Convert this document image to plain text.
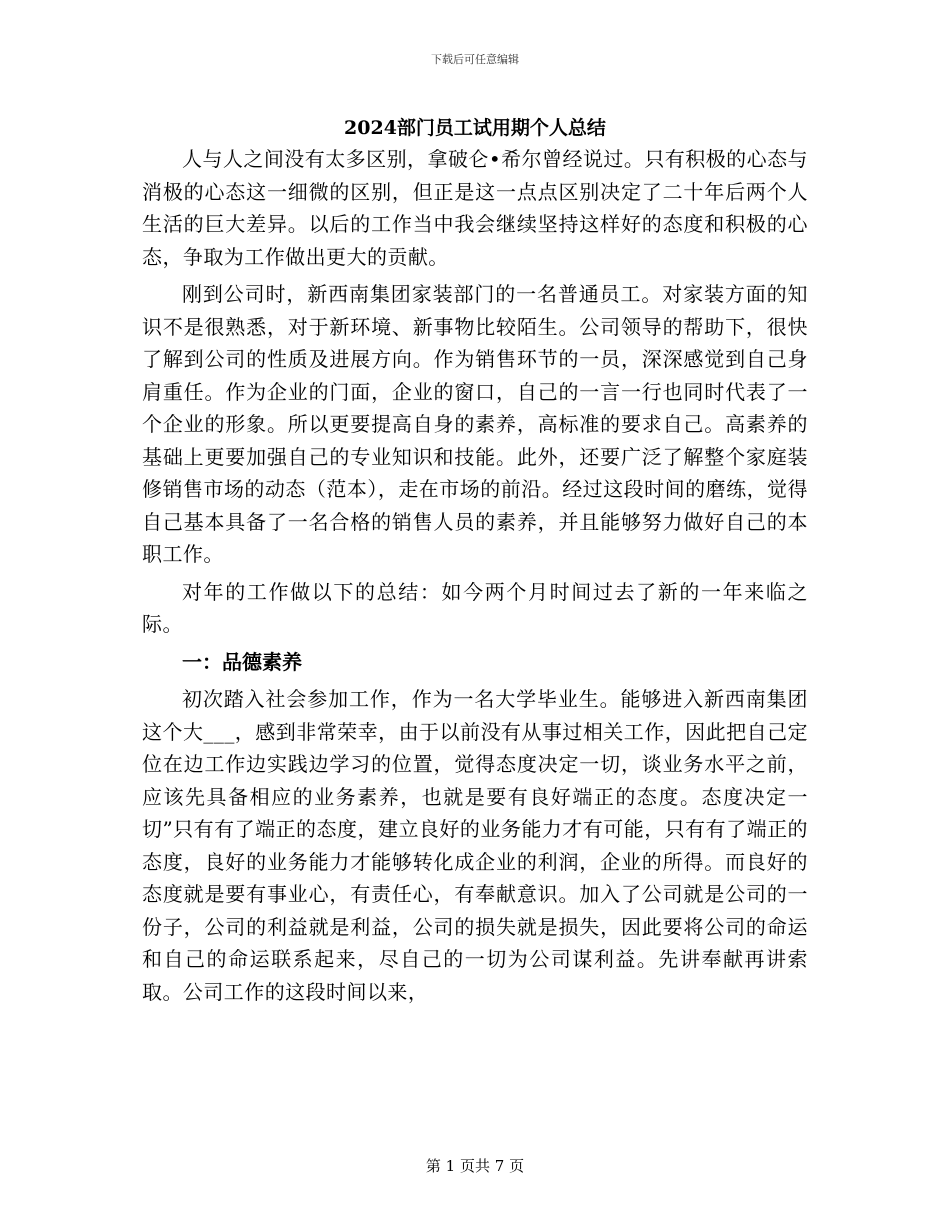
下载后可任意编辑
2024部门员工试用期个人总结

人与人之间没有太多区别，拿破仑•希尔曾经说过。只有积极的心态与消极的心态这一细微的区别，但正是这一点点区别决定了二十年后两个人生活的巨大差异。以后的工作当中我会继续坚持这样好的态度和积极的心态，争取为工作做出更大的贡献。

刚到公司时，新西南集团家装部门的一名普通员工。对家装方面的知识不是很熟悉，对于新环境、新事物比较陌生。公司领导的帮助下，很快了解到公司的性质及进展方向。作为销售环节的一员，深深感觉到自己身肩重任。作为企业的门面，企业的窗口，自己的一言一行也同时代表了一个企业的形象。所以更要提高自身的素养，高标准的要求自己。高素养的基础上更要加强自己的专业知识和技能。此外，还要广泛了解整个家庭装修销售市场的动态（范本），走在市场的前沿。经过这段时间的磨练，觉得自己基本具备了一名合格的销售人员的素养，并且能够努力做好自己的本职工作。

对年的工作做以下的总结：如今两个月时间过去了新的一年来临之际。

一：品德素养

初次踏入社会参加工作，作为一名大学毕业生。能够进入新西南集团这个大___，感到非常荣幸，由于以前没有从事过相关工作，因此把自己定位在边工作边实践边学习的位置，觉得态度决定一切，谈业务水平之前，应该先具备相应的业务素养，也就是要有良好端正的态度。态度决定一切”只有有了端正的态度，建立良好的业务能力才有可能，只有有了端正的态度，良好的业务能力才能够转化成企业的利润，企业的所得。而良好的态度就是要有事业心，有责任心，有奉献意识。加入了公司就是公司的一份子，公司的利益就是利益，公司的损失就是损失，因此要将公司的命运和自己的命运联系起来，尽自己的一切为公司谋利益。先讲奉献再讲索取。公司工作的这段时间以来，

第 1 页共 7 页
